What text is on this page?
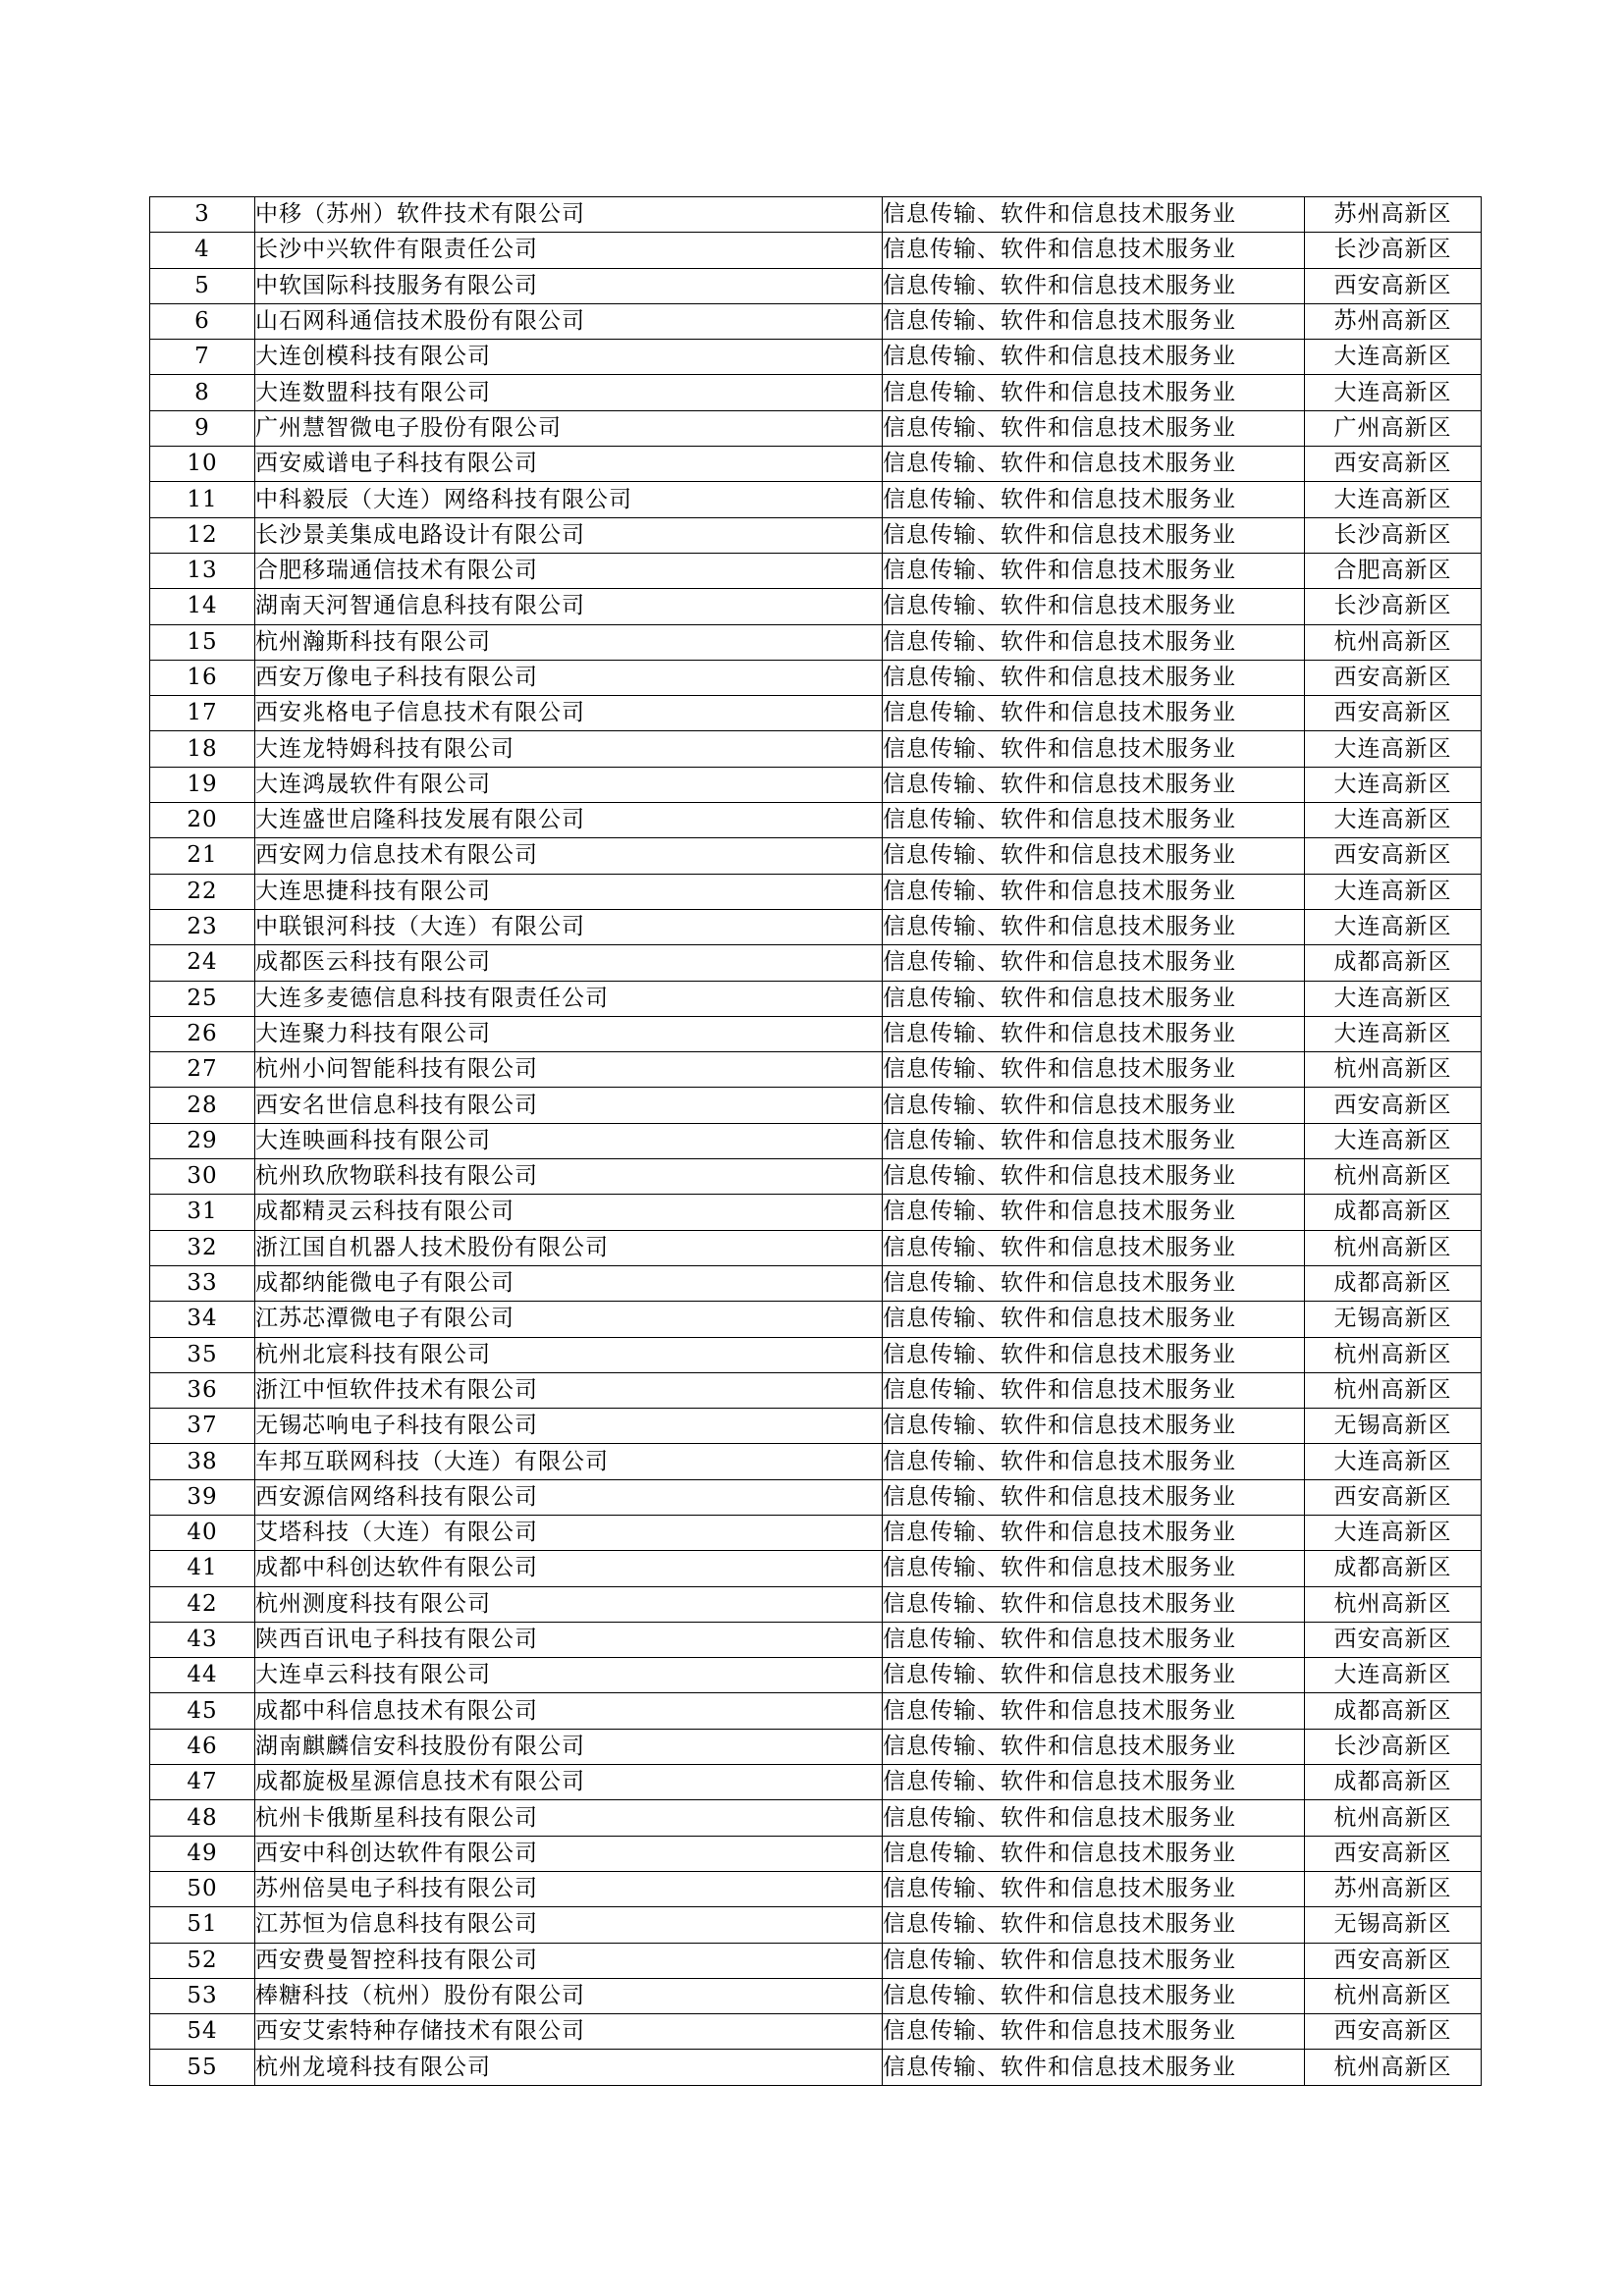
3	中移（苏州）软件技术有限公司	信息传输、软件和信息技术服务业	苏州高新区
4	长沙中兴软件有限责任公司	信息传输、软件和信息技术服务业	长沙高新区
5	中软国际科技服务有限公司	信息传输、软件和信息技术服务业	西安高新区
6	山石网科通信技术股份有限公司	信息传输、软件和信息技术服务业	苏州高新区
7	大连创模科技有限公司	信息传输、软件和信息技术服务业	大连高新区
8	大连数盟科技有限公司	信息传输、软件和信息技术服务业	大连高新区
9	广州慧智微电子股份有限公司	信息传输、软件和信息技术服务业	广州高新区
10	西安威谱电子科技有限公司	信息传输、软件和信息技术服务业	西安高新区
11	中科毅辰（大连）网络科技有限公司	信息传输、软件和信息技术服务业	大连高新区
12	长沙景美集成电路设计有限公司	信息传输、软件和信息技术服务业	长沙高新区
13	合肥移瑞通信技术有限公司	信息传输、软件和信息技术服务业	合肥高新区
14	湖南天河智通信息科技有限公司	信息传输、软件和信息技术服务业	长沙高新区
15	杭州瀚斯科技有限公司	信息传输、软件和信息技术服务业	杭州高新区
16	西安万像电子科技有限公司	信息传输、软件和信息技术服务业	西安高新区
17	西安兆格电子信息技术有限公司	信息传输、软件和信息技术服务业	西安高新区
18	大连龙特姆科技有限公司	信息传输、软件和信息技术服务业	大连高新区
19	大连鸿晟软件有限公司	信息传输、软件和信息技术服务业	大连高新区
20	大连盛世启隆科技发展有限公司	信息传输、软件和信息技术服务业	大连高新区
21	西安网力信息技术有限公司	信息传输、软件和信息技术服务业	西安高新区
22	大连思捷科技有限公司	信息传输、软件和信息技术服务业	大连高新区
23	中联银河科技（大连）有限公司	信息传输、软件和信息技术服务业	大连高新区
24	成都医云科技有限公司	信息传输、软件和信息技术服务业	成都高新区
25	大连多麦德信息科技有限责任公司	信息传输、软件和信息技术服务业	大连高新区
26	大连聚力科技有限公司	信息传输、软件和信息技术服务业	大连高新区
27	杭州小问智能科技有限公司	信息传输、软件和信息技术服务业	杭州高新区
28	西安名世信息科技有限公司	信息传输、软件和信息技术服务业	西安高新区
29	大连映画科技有限公司	信息传输、软件和信息技术服务业	大连高新区
30	杭州玖欣物联科技有限公司	信息传输、软件和信息技术服务业	杭州高新区
31	成都精灵云科技有限公司	信息传输、软件和信息技术服务业	成都高新区
32	浙江国自机器人技术股份有限公司	信息传输、软件和信息技术服务业	杭州高新区
33	成都纳能微电子有限公司	信息传输、软件和信息技术服务业	成都高新区
34	江苏芯潭微电子有限公司	信息传输、软件和信息技术服务业	无锡高新区
35	杭州北宸科技有限公司	信息传输、软件和信息技术服务业	杭州高新区
36	浙江中恒软件技术有限公司	信息传输、软件和信息技术服务业	杭州高新区
37	无锡芯响电子科技有限公司	信息传输、软件和信息技术服务业	无锡高新区
38	车邦互联网科技（大连）有限公司	信息传输、软件和信息技术服务业	大连高新区
39	西安源信网络科技有限公司	信息传输、软件和信息技术服务业	西安高新区
40	艾塔科技（大连）有限公司	信息传输、软件和信息技术服务业	大连高新区
41	成都中科创达软件有限公司	信息传输、软件和信息技术服务业	成都高新区
42	杭州测度科技有限公司	信息传输、软件和信息技术服务业	杭州高新区
43	陕西百讯电子科技有限公司	信息传输、软件和信息技术服务业	西安高新区
44	大连卓云科技有限公司	信息传输、软件和信息技术服务业	大连高新区
45	成都中科信息技术有限公司	信息传输、软件和信息技术服务业	成都高新区
46	湖南麒麟信安科技股份有限公司	信息传输、软件和信息技术服务业	长沙高新区
47	成都旋极星源信息技术有限公司	信息传输、软件和信息技术服务业	成都高新区
48	杭州卡俄斯星科技有限公司	信息传输、软件和信息技术服务业	杭州高新区
49	西安中科创达软件有限公司	信息传输、软件和信息技术服务业	西安高新区
50	苏州倍昊电子科技有限公司	信息传输、软件和信息技术服务业	苏州高新区
51	江苏恒为信息科技有限公司	信息传输、软件和信息技术服务业	无锡高新区
52	西安费曼智控科技有限公司	信息传输、软件和信息技术服务业	西安高新区
53	棒糖科技（杭州）股份有限公司	信息传输、软件和信息技术服务业	杭州高新区
54	西安艾索特种存储技术有限公司	信息传输、软件和信息技术服务业	西安高新区
55	杭州龙境科技有限公司	信息传输、软件和信息技术服务业	杭州高新区
